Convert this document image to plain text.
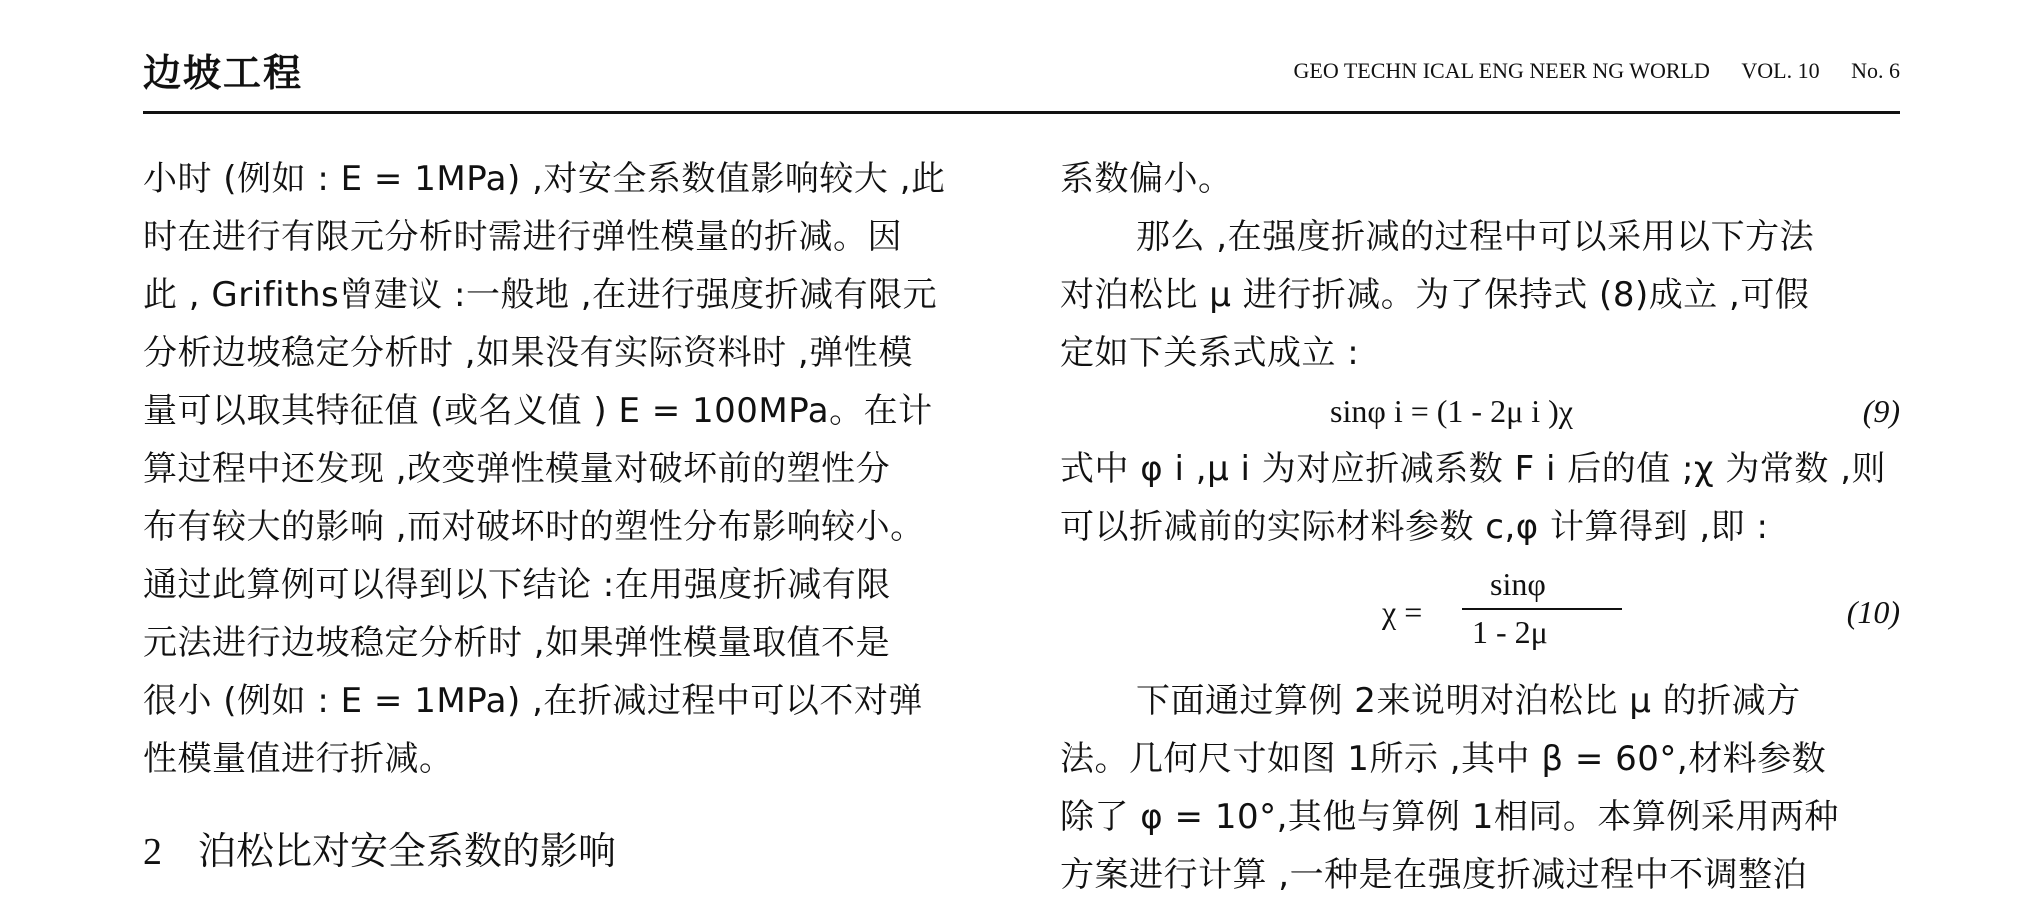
边坡工程	GEO TECHN ICAL ENG NEER NG WORLD VOL. 10 No. 6
小时 (例如 : E = 1MPa) ,对安全系数值影响较大 ,此
时在进行有限元分析时需进行弹性模量的折减。因
此 , Grifiths曾建议 :一般地 ,在进行强度折减有限元
分析边坡稳定分析时 ,如果没有实际资料时 ,弹性模
量可以取其特征值 (或名义值 ) E = 100MPa。在计
算过程中还发现 ,改变弹性模量对破坏前的塑性分
布有较大的影响 ,而对破坏时的塑性分布影响较小。
通过此算例可以得到以下结论 :在用强度折减有限
元法进行边坡稳定分析时 ,如果弹性模量取值不是
很小 (例如 : E = 1MPa) ,在折减过程中可以不对弹
性模量值进行折减。
2 泊松比对安全系数的影响
系数偏小。
那么 ,在强度折减的过程中可以采用以下方法
对泊松比 μ 进行折减。为了保持式 (8)成立 ,可假
定如下关系式成立 :
sinφ i = (1 - 2μ i )χ	(9)
式中 φ i ,μ i 为对应折减系数 F i 后的值 ;χ 为常数 ,则
可以折减前的实际材料参数 c,φ 计算得到 ,即 :
χ =
sinφ
1 - 2μ
(10)
下面通过算例 2来说明对泊松比 μ 的折减方
法。几何尺寸如图 1所示 ,其中 β = 60°,材料参数
除了 φ = 10°,其他与算例 1相同。本算例采用两种
方案进行计算 ,一种是在强度折减过程中不调整泊
